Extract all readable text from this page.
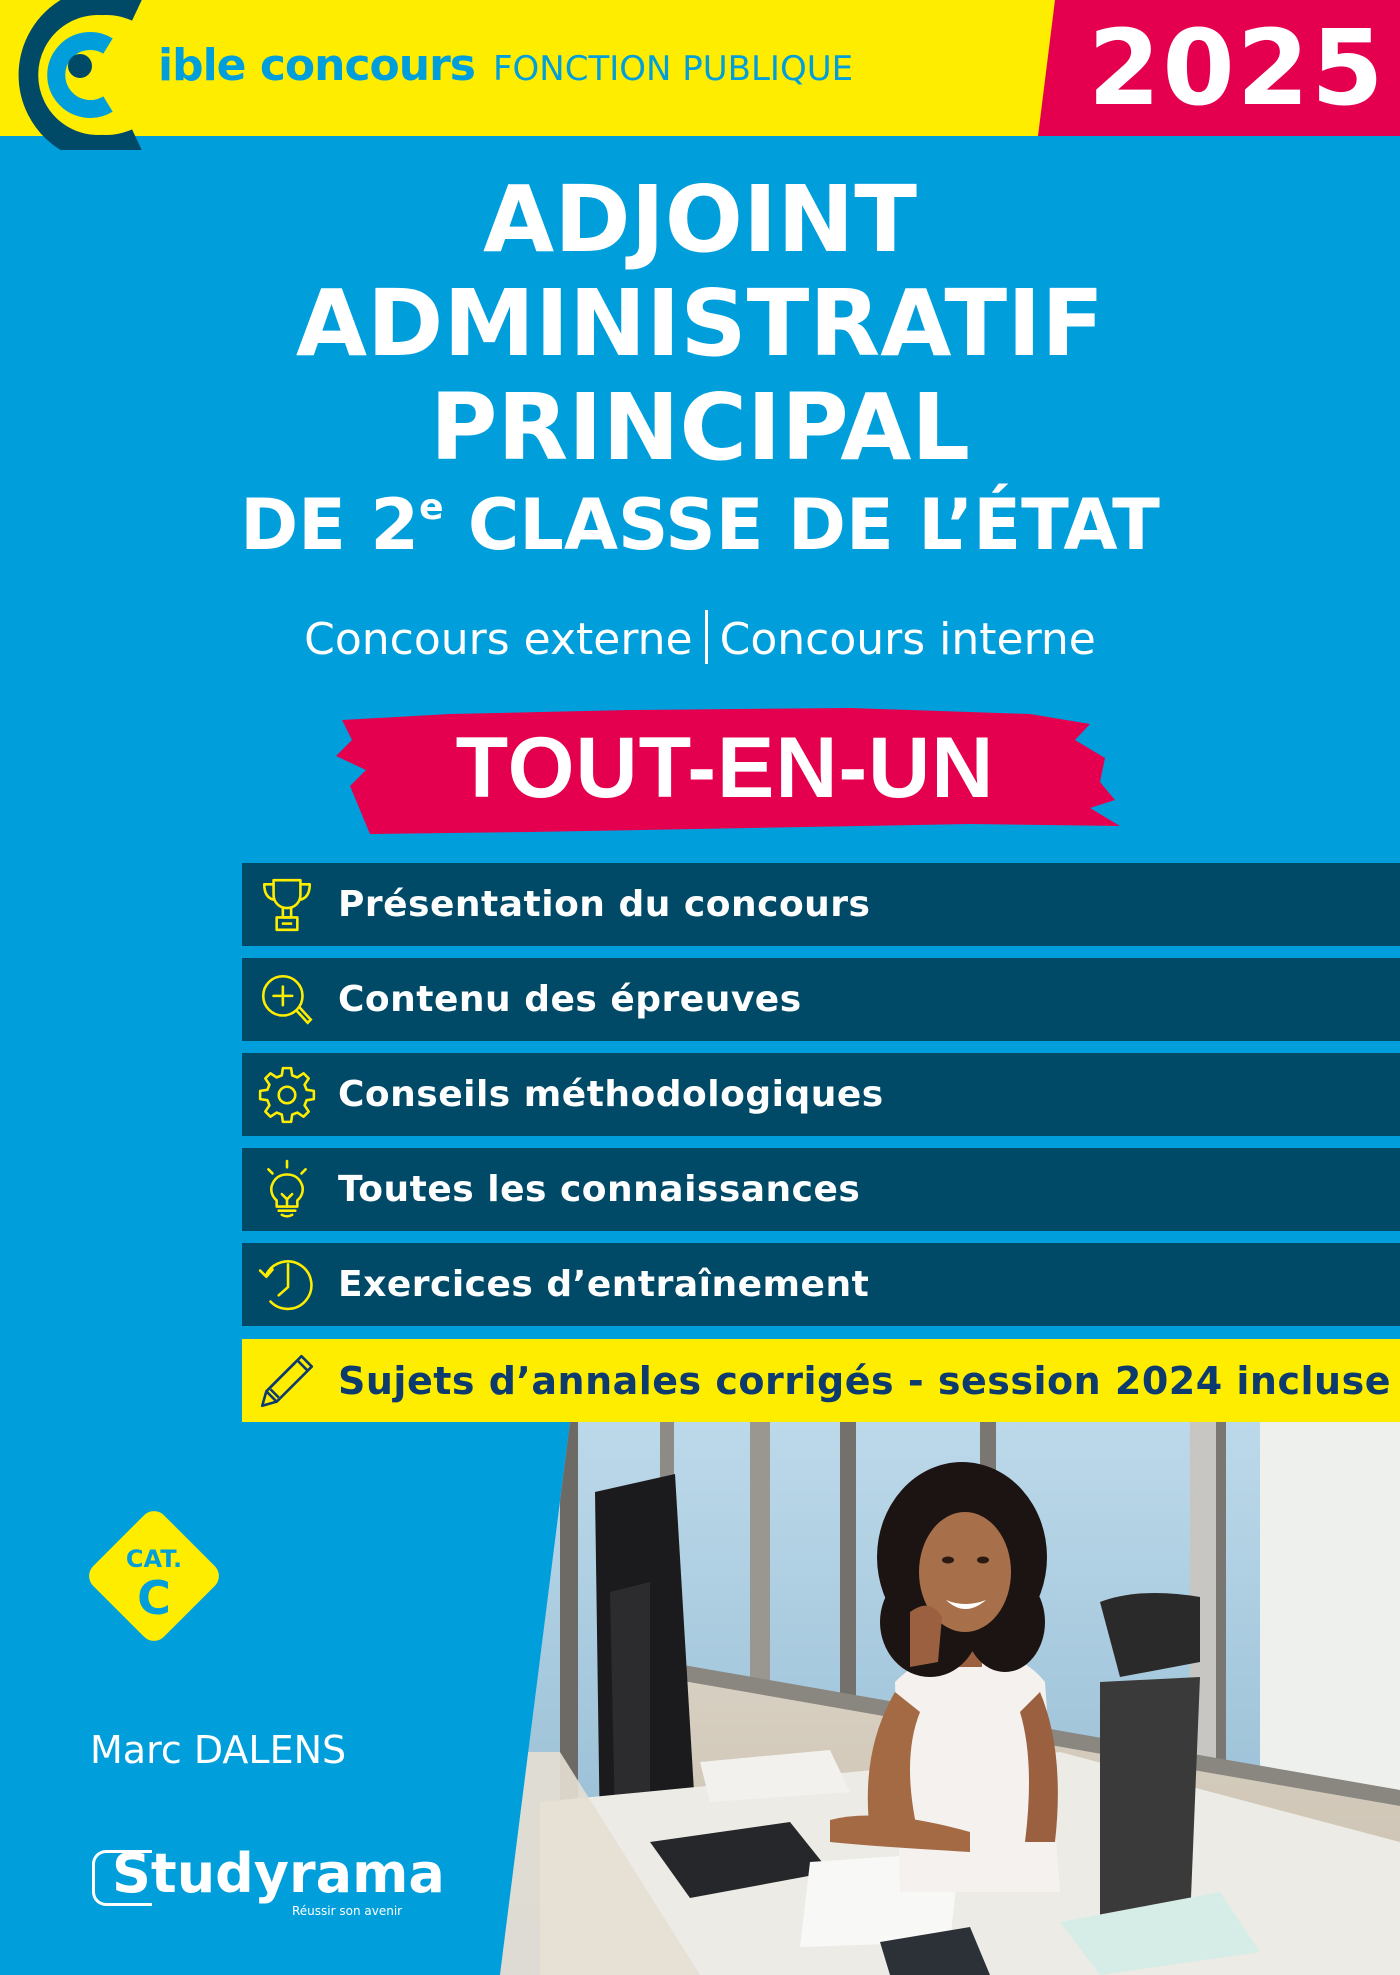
2025
ible concours FONCTION PUBLIQUE
ADJOINT
ADMINISTRATIF
PRINCIPAL
DE 2e CLASSE DE L’ÉTAT
Concours externe Concours interne
TOUT-EN-UN
Présentation du concours
Contenu des épreuves
Conseils méthodologiques
Toutes les connaissances
Exercices d’entraînement
Sujets d’annales corrigés - session 2024 incluse
CAT.
C
Marc DALENS
Studyrama
Réussir son avenir
